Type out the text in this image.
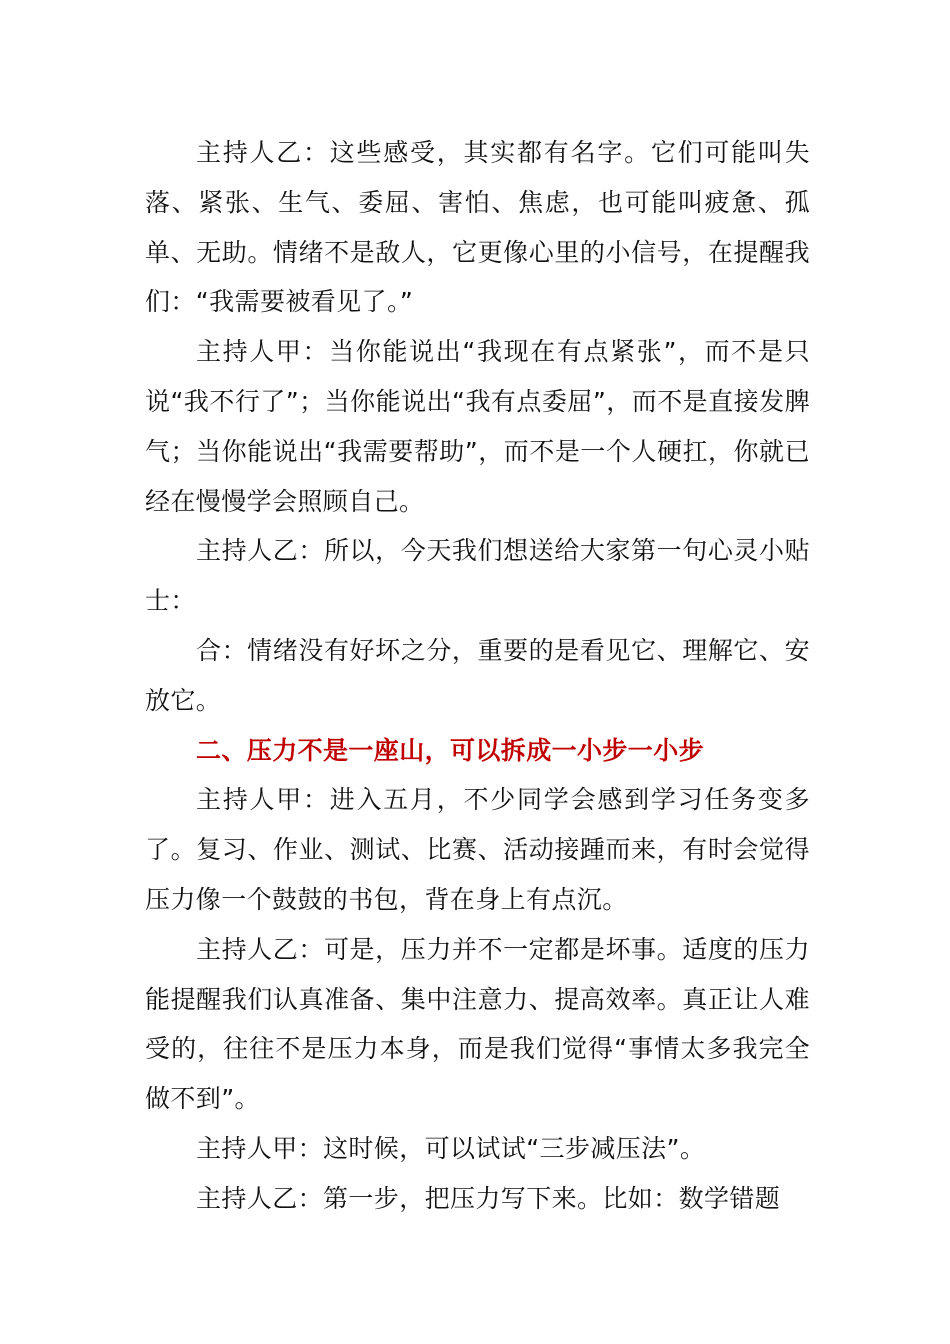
主持人乙：这些感受，其实都有名字。它们可能叫失落、紧张、生气、委屈、害怕、焦虑，也可能叫疲惫、孤单、无助。情绪不是敌人，它更像心里的小信号，在提醒我们：“我需要被看见了。”

主持人甲：当你能说出“我现在有点紧张”，而不是只说“我不行了”；当你能说出“我有点委屈”，而不是直接发脾气；当你能说出“我需要帮助”，而不是一个人硬扛，你就已经在慢慢学会照顾自己。

主持人乙：所以，今天我们想送给大家第一句心灵小贴士：

合：情绪没有好坏之分，重要的是看见它、理解它、安放它。

二、压力不是一座山，可以拆成一小步一小步

主持人甲：进入五月，不少同学会感到学习任务变多了。复习、作业、测试、比赛、活动接踵而来，有时会觉得压力像一个鼓鼓的书包，背在身上有点沉。

主持人乙：可是，压力并不一定都是坏事。适度的压力能提醒我们认真准备、集中注意力、提高效率。真正让人难受的，往往不是压力本身，而是我们觉得“事情太多我完全做不到”。

主持人甲：这时候，可以试试“三步减压法”。

主持人乙：第一步，把压力写下来。比如：数学错题
